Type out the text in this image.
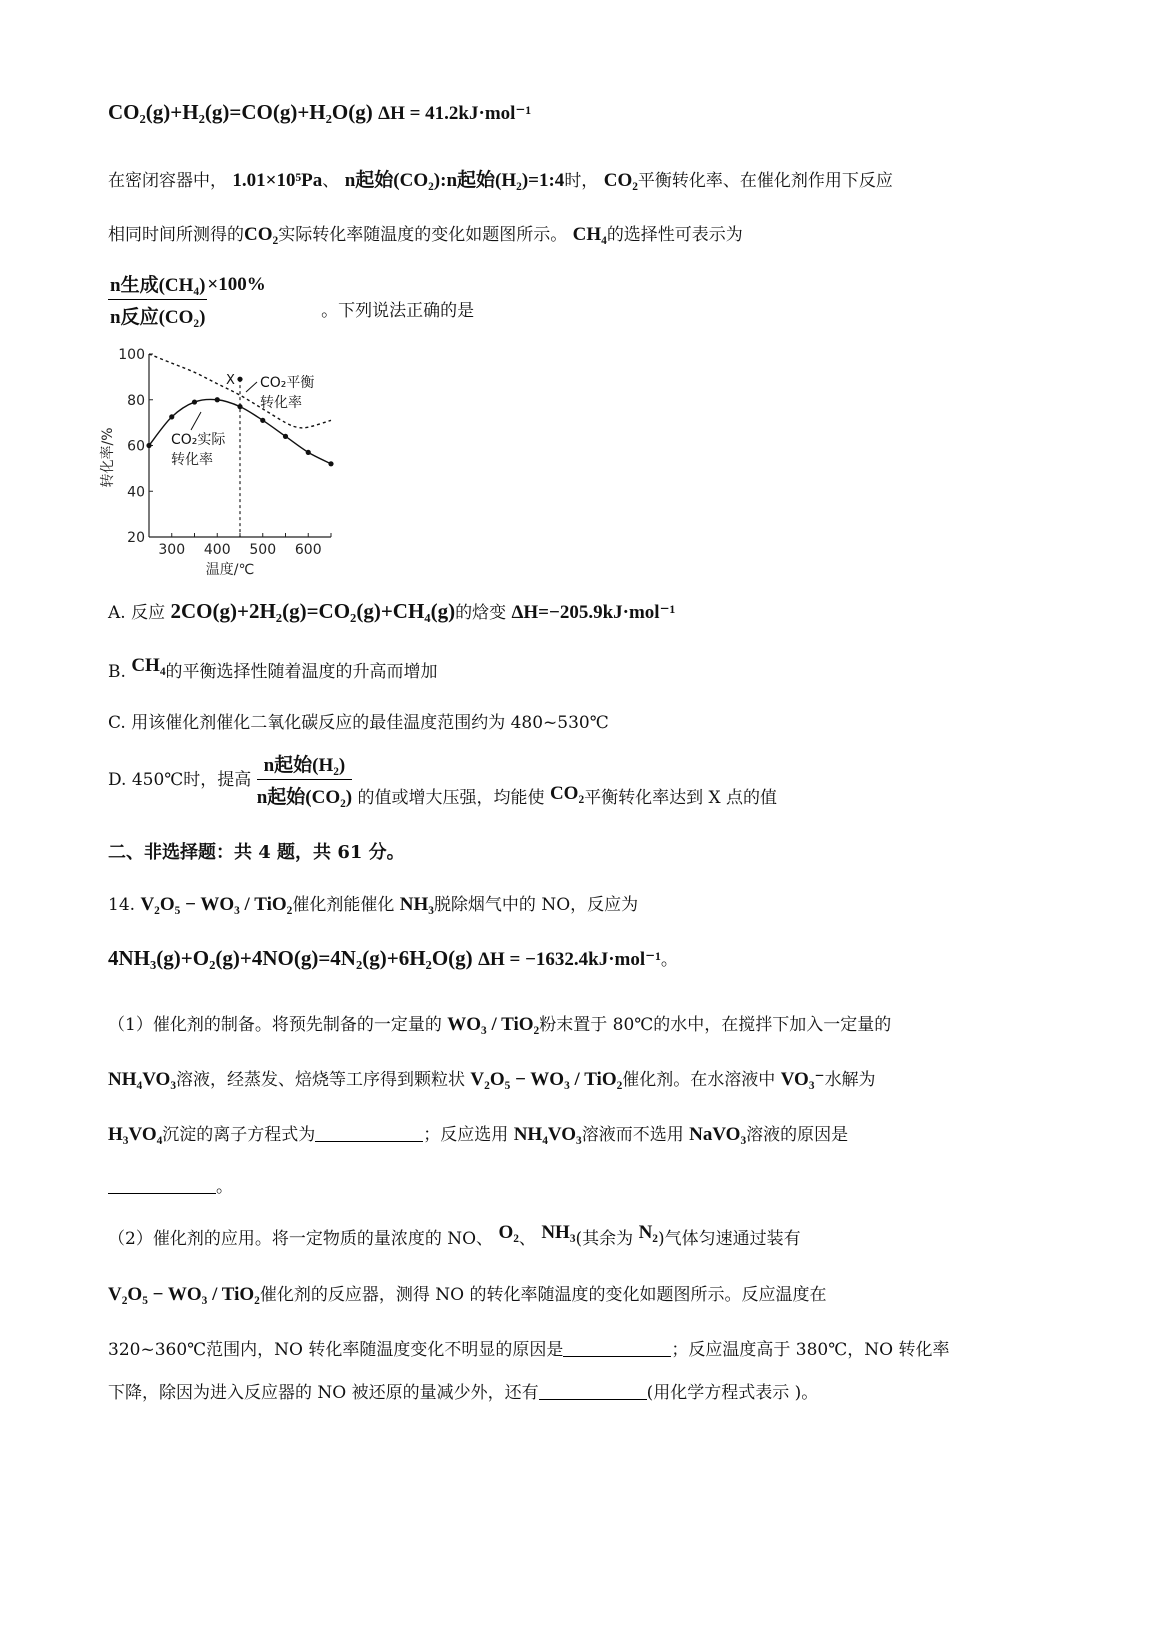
CO₂(g)+H₂(g)=CO(g)+H₂O(g) ΔH = 41.2kJ·mol⁻¹
在密闭容器中， 1.01×10⁵Pa、 n起始(CO₂):n起始(H₂)=1:4时， CO₂平衡转化率、在催化剂作用下反应
相同时间所测得的CO₂实际转化率随温度的变化如题图所示。 CH₄的选择性可表示为
$\frac{\text{n生成(CH₄)}}{\text{n反应(CO₂)}} \times 100\%$ 。下列说法正确的是
20
40
60
80
100
300 400 500 600
温度/℃
转化率/%
X CO₂平衡
转化率
CO₂实际
转化率
A. 反应 2CO(g)+2H₂(g)=CO₂(g)+CH₄(g)的焓变 ΔH=−205.9kJ·mol⁻¹
B. CH₄的平衡选择性随着温度的升高而增加
C. 用该催化剂催化二氧化碳反应的最佳温度范围约为 480~530℃
D. 450℃时，提高 $\frac{\text{n起始(H₂)}}{\text{n起始(CO₂)}}$ 的值或增大压强，均能使 CO₂平衡转化率达到 X 点的值
二、非选择题：共 4 题，共 61 分。
14. V₂O₅ − WO₃ / TiO₂催化剂能催化 NH₃脱除烟气中的 NO，反应为
4NH₃(g)+O₂(g)+4NO(g)=4N₂(g)+6H₂O(g) ΔH = −1632.4kJ·mol⁻¹。
（1）催化剂的制备。将预先制备的一定量的 WO₃ / TiO₂粉末置于 80℃的水中，在搅拌下加入一定量的
NH₄VO₃溶液，经蒸发、焙烧等工序得到颗粒状 V₂O₅ − WO₃ / TiO₂催化剂。在水溶液中 VO₃⁻水解为
H₃VO₄沉淀的离子方程式为	；反应选用 NH₄VO₃溶液而不选用 NaVO₃溶液的原因是
。
（2）催化剂的应用。将一定物质的量浓度的 NO、 O₂、 NH₃(其余为 N₂)气体匀速通过装有
V₂O₅ − WO₃ / TiO₂催化剂的反应器，测得 NO 的转化率随温度的变化如题图所示。反应温度在
320~360℃范围内，NO 转化率随温度变化不明显的原因是	；反应温度高于 380℃，NO 转化率
下降，除因为进入反应器的 NO 被还原的量减少外，还有	(用化学方程式表示 )。
